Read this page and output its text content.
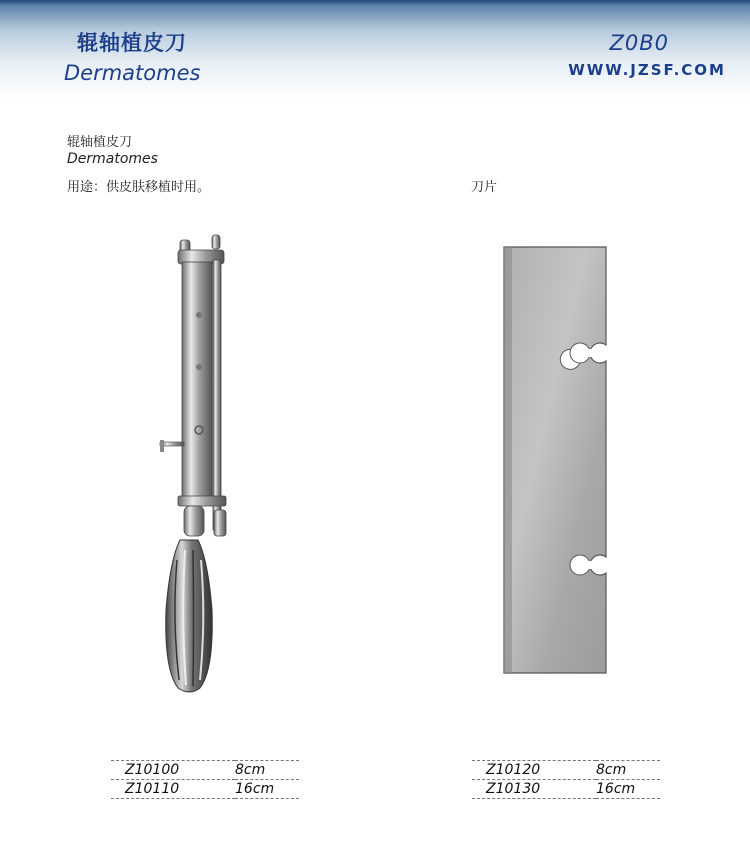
辊轴植皮刀
Dermatomes
Z0B0
WWW.JZSF.COM
辊轴植皮刀
Dermatomes
用途：供皮肤移植时用。	刀片
Z10100	8cm
Z10110	16cm
Z10120	8cm
Z10130	16cm
